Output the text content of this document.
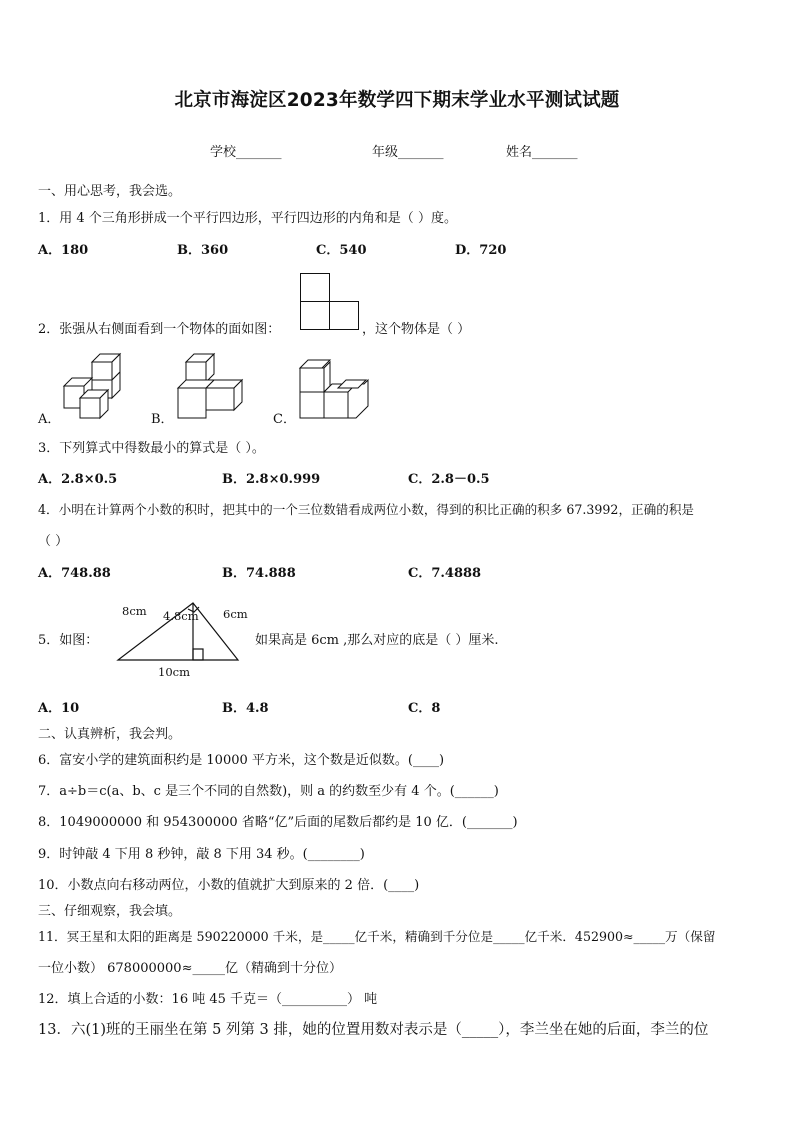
北京市海淀区2023年数学四下期末学业水平测试试题
学校_______	年级_______	姓名_______
一、用心思考，我会选。
1．用 4 个三角形拼成一个平行四边形，平行四边形的内角和是（ ）度。
A．180	B．360	C．540	D．720
2．张强从右侧面看到一个物体的面如图：	，这个物体是（ ）
A．	B．	C．
3．下列算式中得数最小的算式是（ ）。
A．2.8×0.5	B．2.8×0.999	C．2.8－0.5
4．小明在计算两个小数的积时，把其中的一个三位数错看成两位小数，得到的积比正确的积多 67.3992，正确的积是
（ ）
A．748.88	B．74.888	C．7.4888
5．如图：
8cm 4.8cm 6cm
10cm
如果高是 6cm ,那么对应的底是（ ）厘米.
A．10	B．4.8	C．8
二、认真辨析，我会判。
6．富安小学的建筑面积约是 10000 平方米，这个数是近似数。(____)
7．a÷b＝c(a、b、c 是三个不同的自然数)，则 a 的约数至少有 4 个。(______)
8．1049000000 和 954300000 省略“亿”后面的尾数后都约是 10 亿．(_______)
9．时钟敲 4 下用 8 秒钟，敲 8 下用 34 秒。(________)
10．小数点向右移动两位，小数的值就扩大到原来的 2 倍．(____)
三、仔细观察，我会填。
11．冥王星和太阳的距离是 590220000 千米，是_____亿千米，精确到千分位是_____亿千米．452900≈_____万（保留
一位小数） 678000000≈_____亿（精确到十分位）
12．填上合适的小数：16 吨 45 千克＝（__________） 吨
13．六(1)班的王丽坐在第 5 列第 3 排，她的位置用数对表示是（_____），李兰坐在她的后面，李兰的位
